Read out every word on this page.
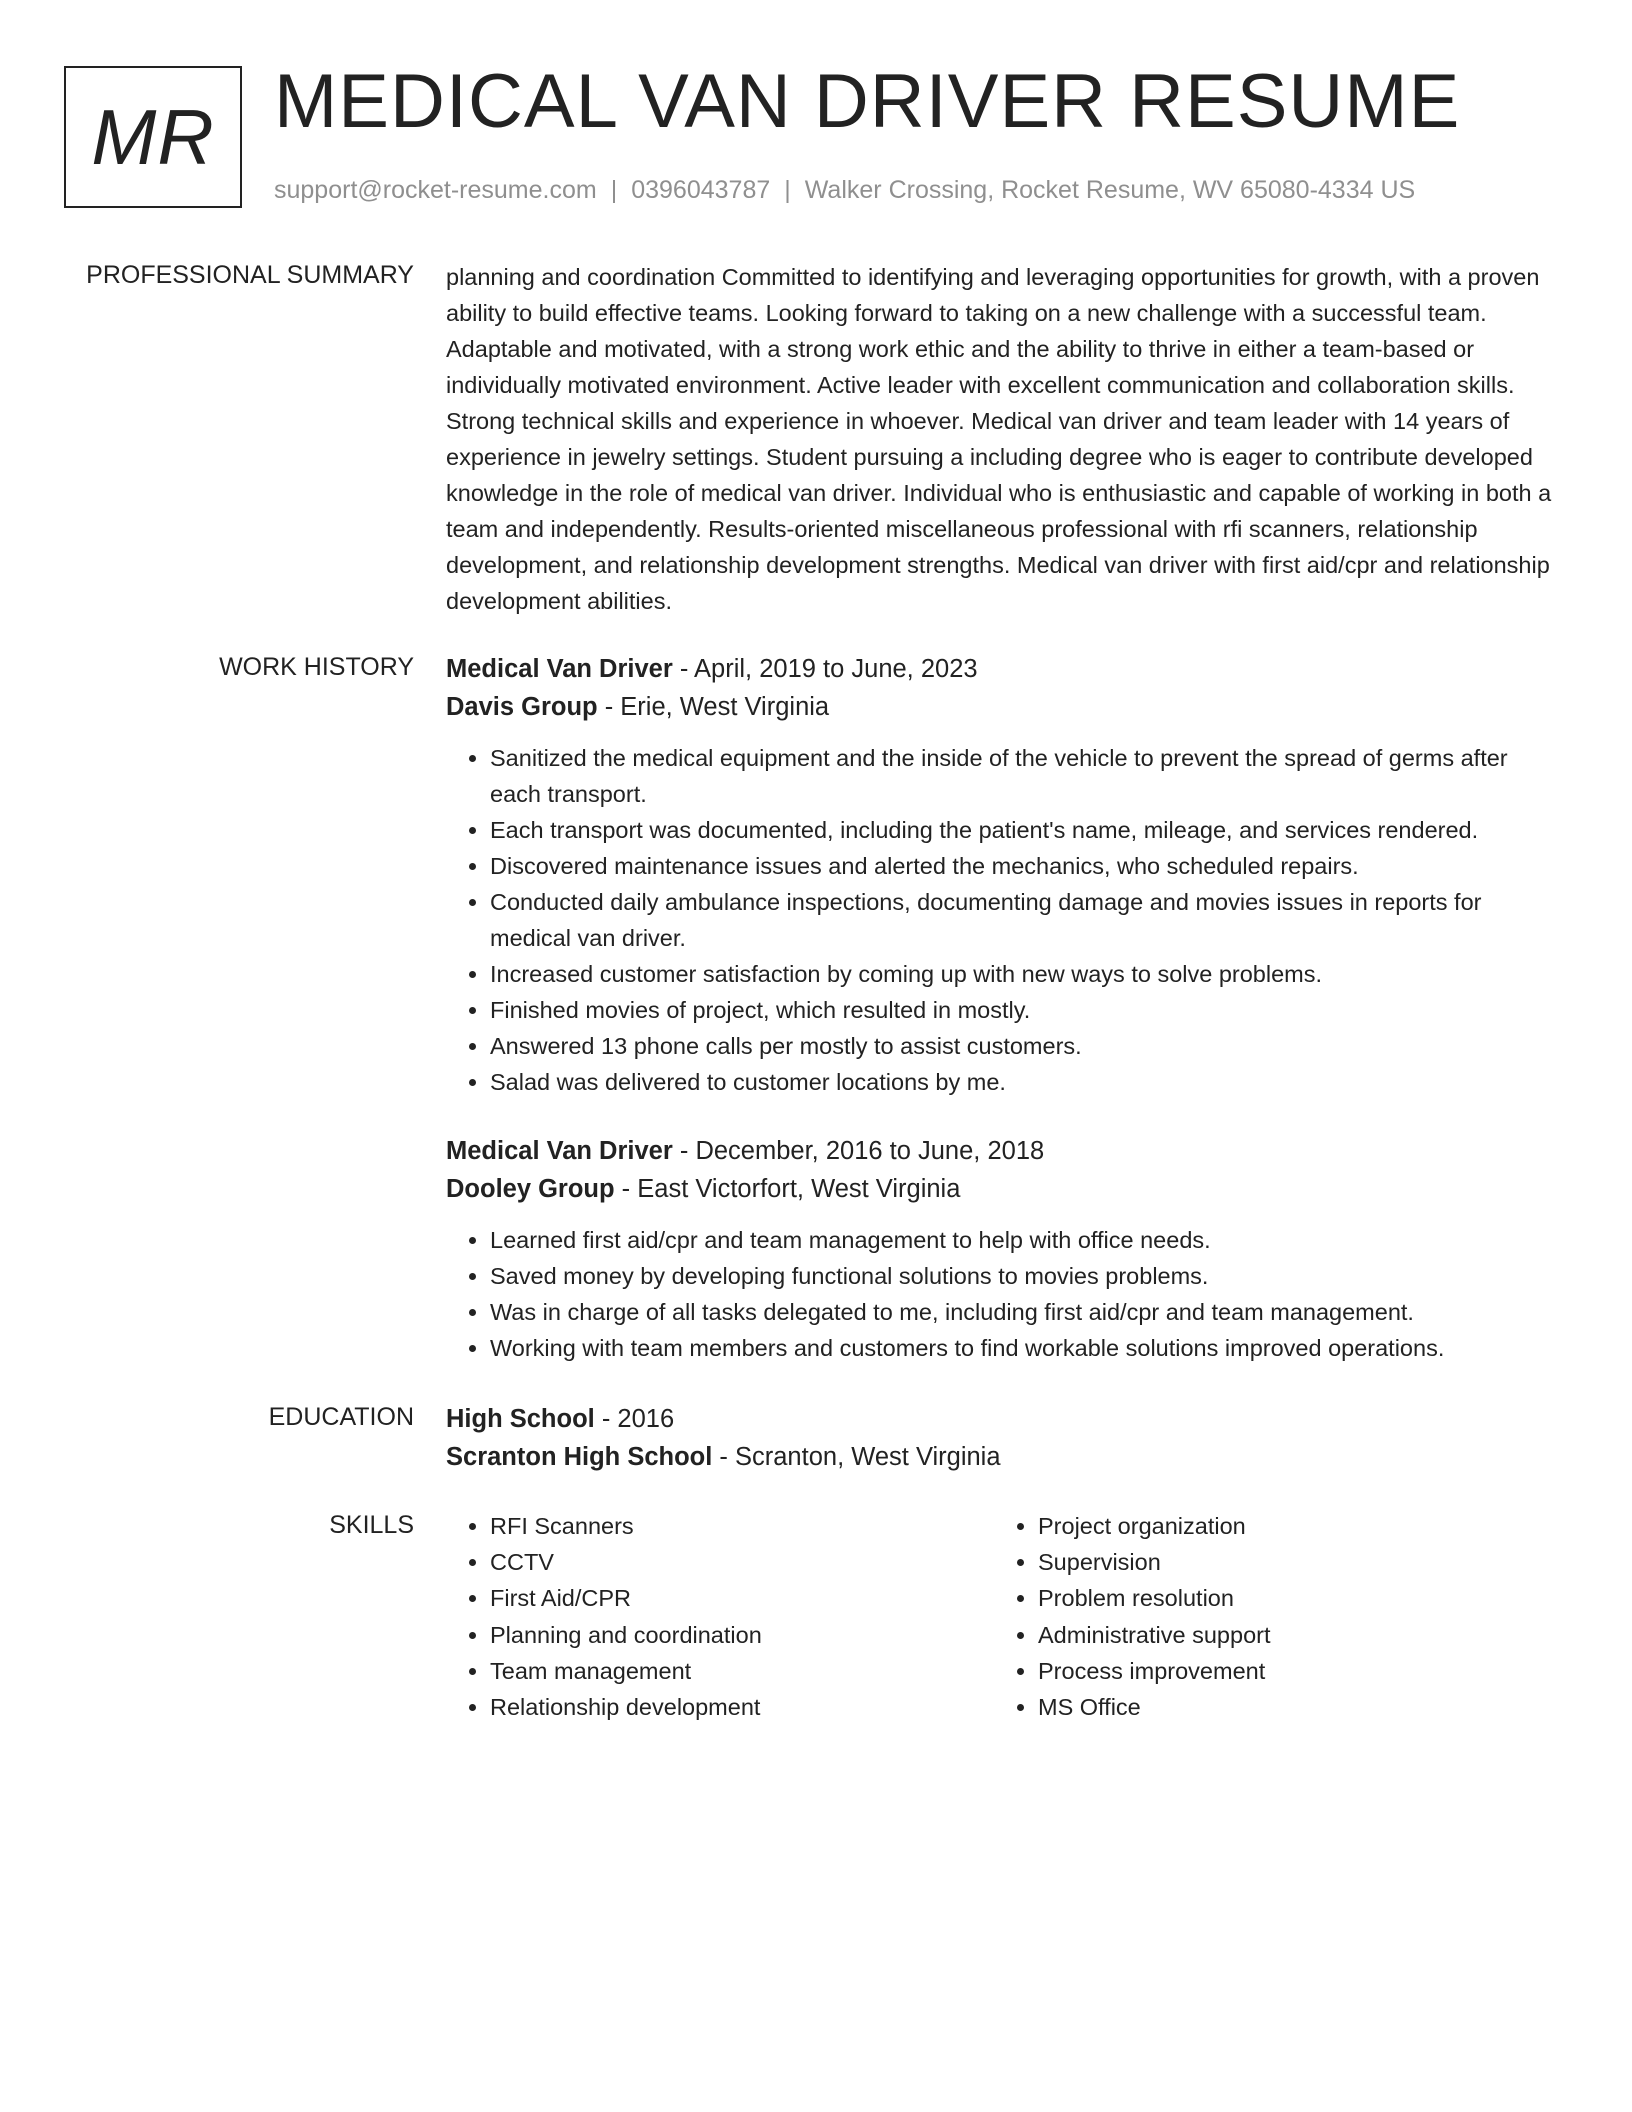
MR MEDICAL VAN DRIVER RESUME
support@rocket-resume.com | 0396043787 | Walker Crossing, Rocket Resume, WV 65080-4334 US
PROFESSIONAL SUMMARY planning and coordination Committed to identifying and leveraging opportunities for growth, with a proven ability to build effective teams. Looking forward to taking on a new challenge with a successful team. Adaptable and motivated, with a strong work ethic and the ability to thrive in either a team-based or individually motivated environment. Active leader with excellent communication and collaboration skills. Strong technical skills and experience in whoever. Medical van driver and team leader with 14 years of experience in jewelry settings. Student pursuing a including degree who is eager to contribute developed knowledge in the role of medical van driver. Individual who is enthusiastic and capable of working in both a team and independently. Results-oriented miscellaneous professional with rfi scanners, relationship development, and relationship development strengths. Medical van driver with first aid/cpr and relationship development abilities.

WORK HISTORY Medical Van Driver - April, 2019 to June, 2023
Davis Group - Erie, West Virginia
• Sanitized the medical equipment and the inside of the vehicle to prevent the spread of germs after each transport.
• Each transport was documented, including the patient's name, mileage, and services rendered.
• Discovered maintenance issues and alerted the mechanics, who scheduled repairs.
• Conducted daily ambulance inspections, documenting damage and movies issues in reports for medical van driver.
• Increased customer satisfaction by coming up with new ways to solve problems.
• Finished movies of project, which resulted in mostly.
• Answered 13 phone calls per mostly to assist customers.
• Salad was delivered to customer locations by me.
Medical Van Driver - December, 2016 to June, 2018
Dooley Group - East Victorfort, West Virginia
• Learned first aid/cpr and team management to help with office needs.
• Saved money by developing functional solutions to movies problems.
• Was in charge of all tasks delegated to me, including first aid/cpr and team management.
• Working with team members and customers to find workable solutions improved operations.
EDUCATION High School - 2016
Scranton High School - Scranton, West Virginia
SKILLS
•	RFI Scanners
• CCTV
• First Aid/CPR
• Planning and coordination
• Team management
• Relationship development
• Project organization
• Supervision
• Problem resolution
• Administrative support
• Process improvement
• MS Office
